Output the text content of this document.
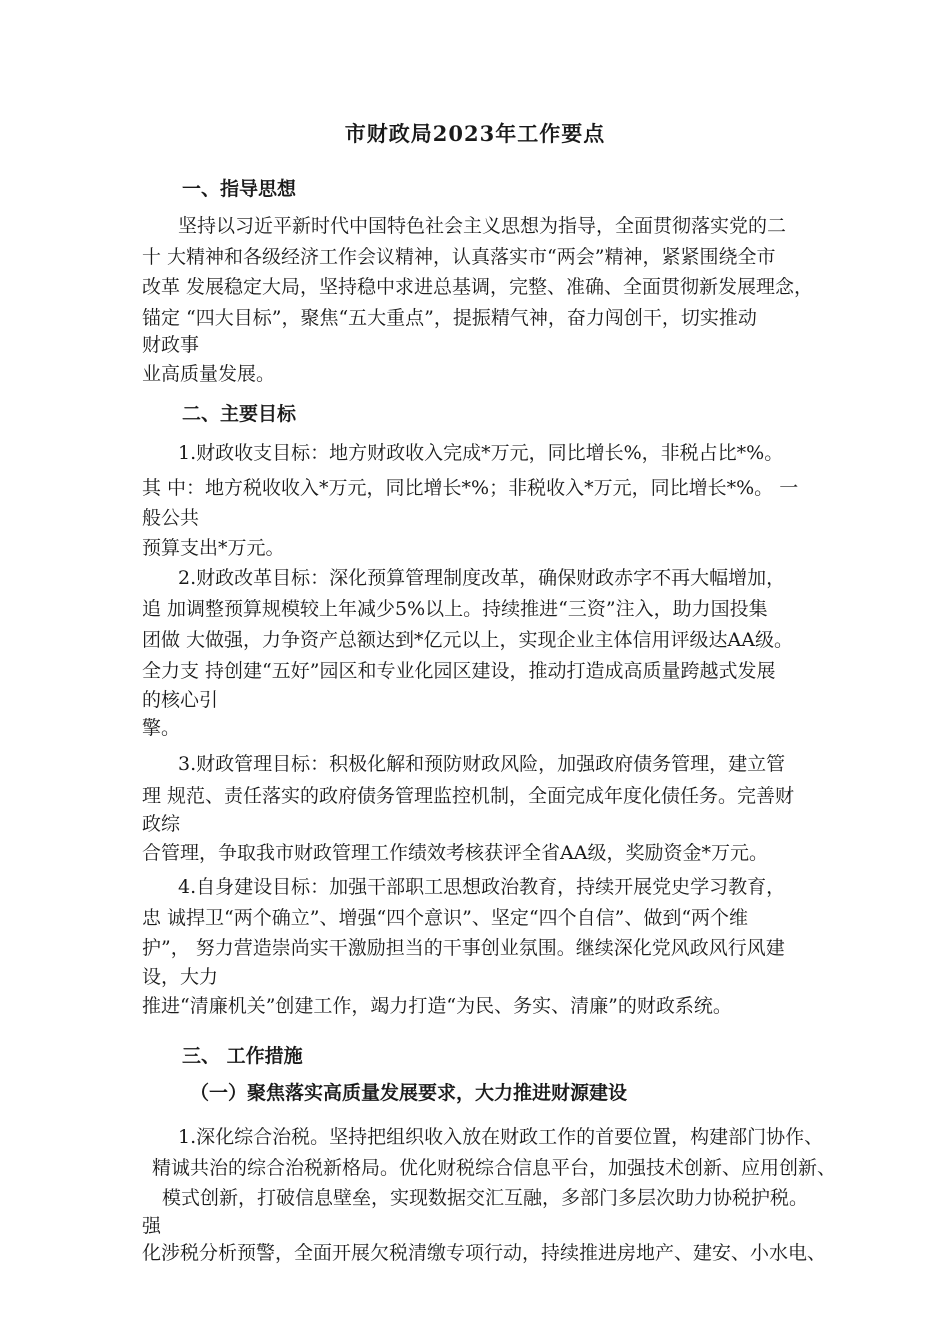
市财政局2023年工作要点
一、指导思想
坚持以习近平新时代中国特色社会主义思想为指导，全面贯彻落实党的二
十 大精神和各级经济工作会议精神，认真落实市“两会”精神，紧紧围绕全市
改革 发展稳定大局，坚持稳中求进总基调，完整、准确、全面贯彻新发展理念，
锚定 “四大目标”，聚焦“五大重点”，提振精气神，奋力闯创干，切实推动
财政事
业高质量发展。
二、主要目标
1.财政收支目标：地方财政收入完成*万元，同比增长%，非税占比*%。
其 中：地方税收收入*万元，同比增长*%；非税收入*万元，同比增长*%。 一
般公共
预算支出*万元。
2.财政改革目标：深化预算管理制度改革，确保财政赤字不再大幅增加，
追 加调整预算规模较上年减少5%以上。持续推进“三资”注入，助力国投集
团做 大做强，力争资产总额达到*亿元以上，实现企业主体信用评级达AA级。
全力支 持创建“五好”园区和专业化园区建设，推动打造成高质量跨越式发展
的核心引
擎。
3.财政管理目标：积极化解和预防财政风险，加强政府债务管理，建立管
理 规范、责任落实的政府债务管理监控机制，全面完成年度化债任务。完善财
政综
合管理，争取我市财政管理工作绩效考核获评全省AA级，奖励资金*万元。
4.自身建设目标：加强干部职工思想政治教育，持续开展党史学习教育，
忠 诚捍卫“两个确立”、增强“四个意识”、坚定“四个自信”、做到“两个维
护”， 努力营造崇尚实干激励担当的干事创业氛围。继续深化党风政风行风建
设，大力
推进“清廉机关”创建工作，竭力打造“为民、务实、清廉”的财政系统。
三、 工作措施
（一）聚焦落实高质量发展要求，大力推进财源建设
1.深化综合治税。坚持把组织收入放在财政工作的首要位置，构建部门协作、
精诚共治的综合治税新格局。优化财税综合信息平台，加强技术创新、应用创新、
模式创新，打破信息壁垒，实现数据交汇互融，多部门多层次助力协税护税。
强
化涉税分析预警，全面开展欠税清缴专项行动，持续推进房地产、建安、小水电、
